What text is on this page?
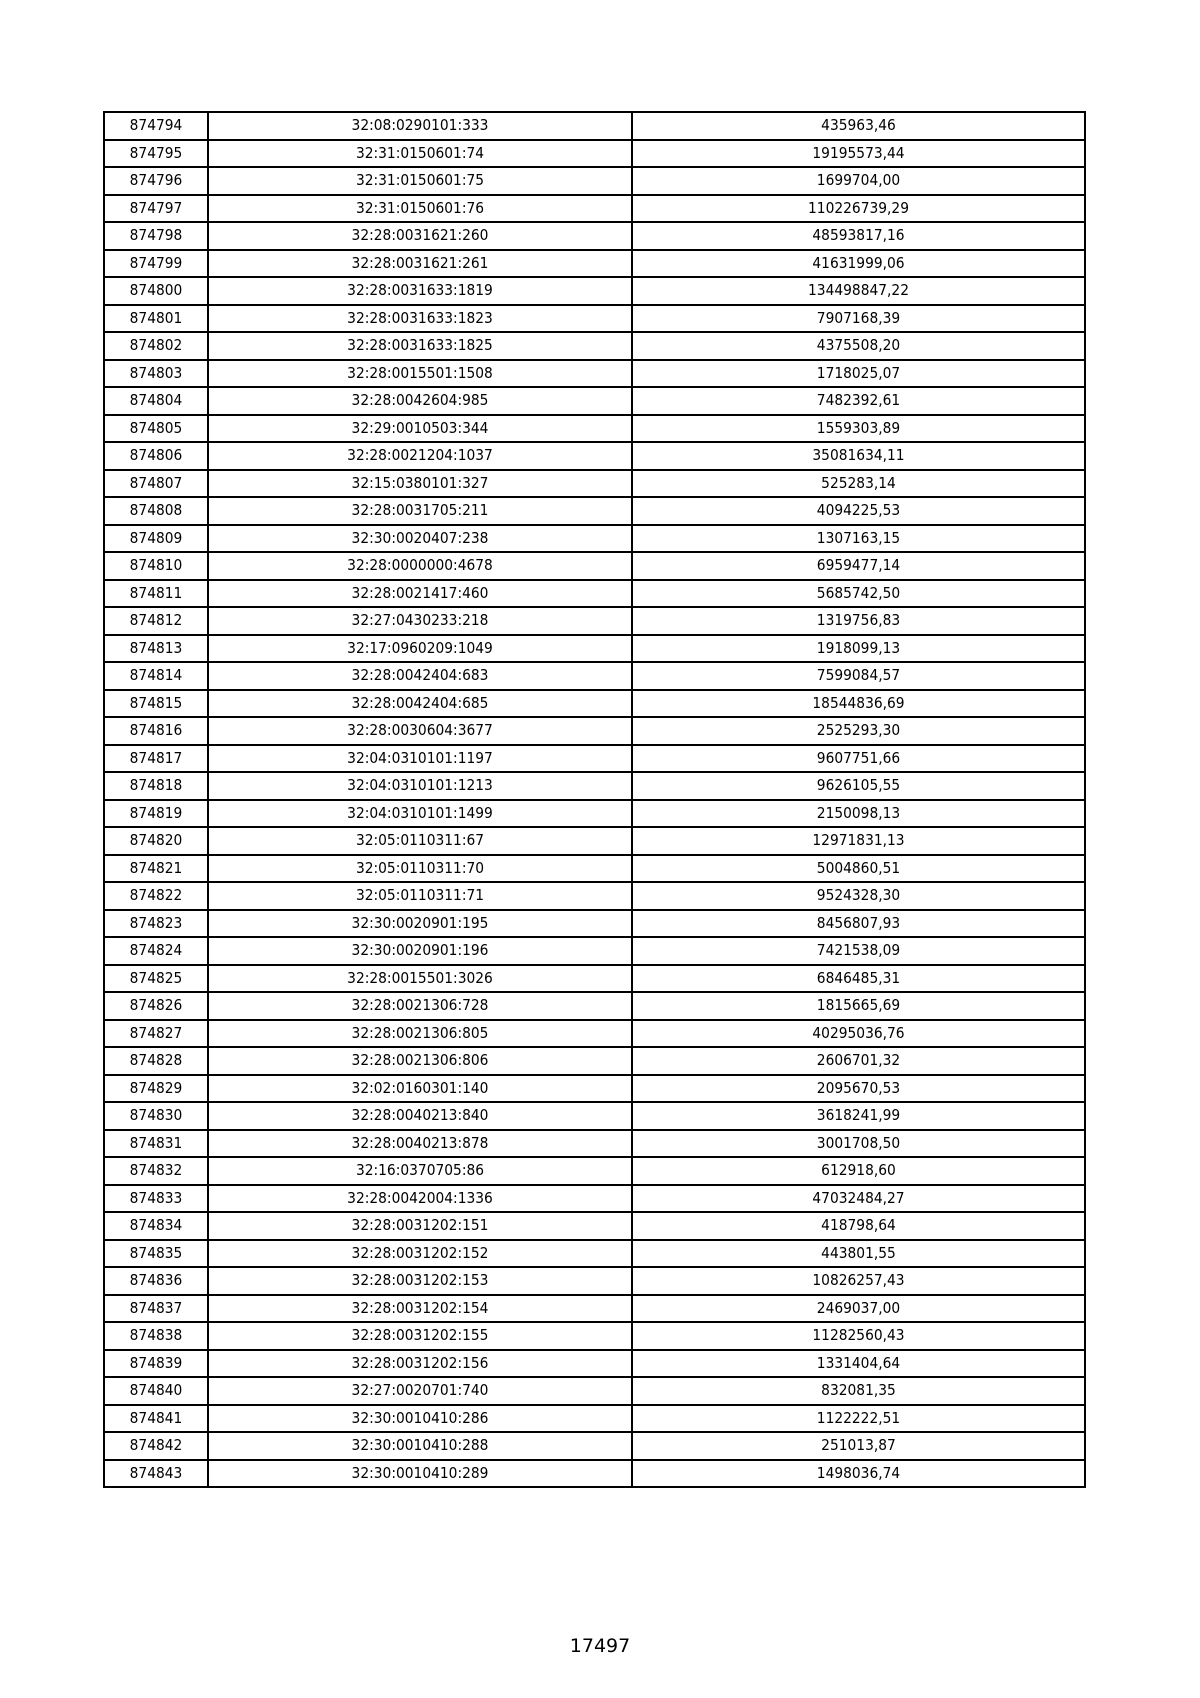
874794	32:08:0290101:333	435963,46
874795	32:31:0150601:74	19195573,44
874796	32:31:0150601:75	1699704,00
874797	32:31:0150601:76	110226739,29
874798	32:28:0031621:260	48593817,16
874799	32:28:0031621:261	41631999,06
874800	32:28:0031633:1819	134498847,22
874801	32:28:0031633:1823	7907168,39
874802	32:28:0031633:1825	4375508,20
874803	32:28:0015501:1508	1718025,07
874804	32:28:0042604:985	7482392,61
874805	32:29:0010503:344	1559303,89
874806	32:28:0021204:1037	35081634,11
874807	32:15:0380101:327	525283,14
874808	32:28:0031705:211	4094225,53
874809	32:30:0020407:238	1307163,15
874810	32:28:0000000:4678	6959477,14
874811	32:28:0021417:460	5685742,50
874812	32:27:0430233:218	1319756,83
874813	32:17:0960209:1049	1918099,13
874814	32:28:0042404:683	7599084,57
874815	32:28:0042404:685	18544836,69
874816	32:28:0030604:3677	2525293,30
874817	32:04:0310101:1197	9607751,66
874818	32:04:0310101:1213	9626105,55
874819	32:04:0310101:1499	2150098,13
874820	32:05:0110311:67	12971831,13
874821	32:05:0110311:70	5004860,51
874822	32:05:0110311:71	9524328,30
874823	32:30:0020901:195	8456807,93
874824	32:30:0020901:196	7421538,09
874825	32:28:0015501:3026	6846485,31
874826	32:28:0021306:728	1815665,69
874827	32:28:0021306:805	40295036,76
874828	32:28:0021306:806	2606701,32
874829	32:02:0160301:140	2095670,53
874830	32:28:0040213:840	3618241,99
874831	32:28:0040213:878	3001708,50
874832	32:16:0370705:86	612918,60
874833	32:28:0042004:1336	47032484,27
874834	32:28:0031202:151	418798,64
874835	32:28:0031202:152	443801,55
874836	32:28:0031202:153	10826257,43
874837	32:28:0031202:154	2469037,00
874838	32:28:0031202:155	11282560,43
874839	32:28:0031202:156	1331404,64
874840	32:27:0020701:740	832081,35
874841	32:30:0010410:286	1122222,51
874842	32:30:0010410:288	251013,87
874843	32:30:0010410:289	1498036,74
17497
